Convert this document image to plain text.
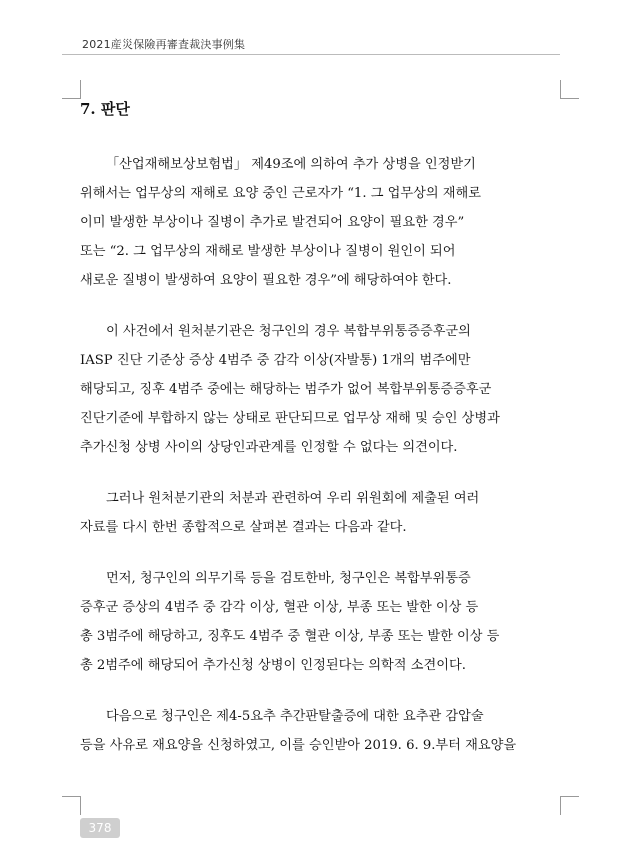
2021産災保險再審査裁決事例集
7. 판단

「산업재해보상보험법」 제49조에 의하여 추가 상병을 인정받기
위해서는 업무상의 재해로 요양 중인 근로자가 “1. 그 업무상의 재해로
이미 발생한 부상이나 질병이 추가로 발견되어 요양이 필요한 경우”
또는 “2. 그 업무상의 재해로 발생한 부상이나 질병이 원인이 되어
새로운 질병이 발생하여 요양이 필요한 경우”에 해당하여야 한다.

이 사건에서 원처분기관은 청구인의 경우 복합부위통증증후군의
IASP 진단 기준상 증상 4범주 중 감각 이상(자발통) 1개의 범주에만
해당되고, 징후 4범주 중에는 해당하는 범주가 없어 복합부위통증증후군
진단기준에 부합하지 않는 상태로 판단되므로 업무상 재해 및 승인 상병과
추가신청 상병 사이의 상당인과관계를 인정할 수 없다는 의견이다.

그러나 원처분기관의 처분과 관련하여 우리 위원회에 제출된 여러
자료를 다시 한번 종합적으로 살펴본 결과는 다음과 같다.

먼저, 청구인의 의무기록 등을 검토한바, 청구인은 복합부위통증
증후군 증상의 4범주 중 감각 이상, 혈관 이상, 부종 또는 발한 이상 등
총 3범주에 해당하고, 징후도 4범주 중 혈관 이상, 부종 또는 발한 이상 등
총 2범주에 해당되어 추가신청 상병이 인정된다는 의학적 소견이다.

다음으로 청구인은 제4-5요추 추간판탈출증에 대한 요추관 감압술
등을 사유로 재요양을 신청하였고, 이를 승인받아 2019. 6. 9.부터 재요양을

378
